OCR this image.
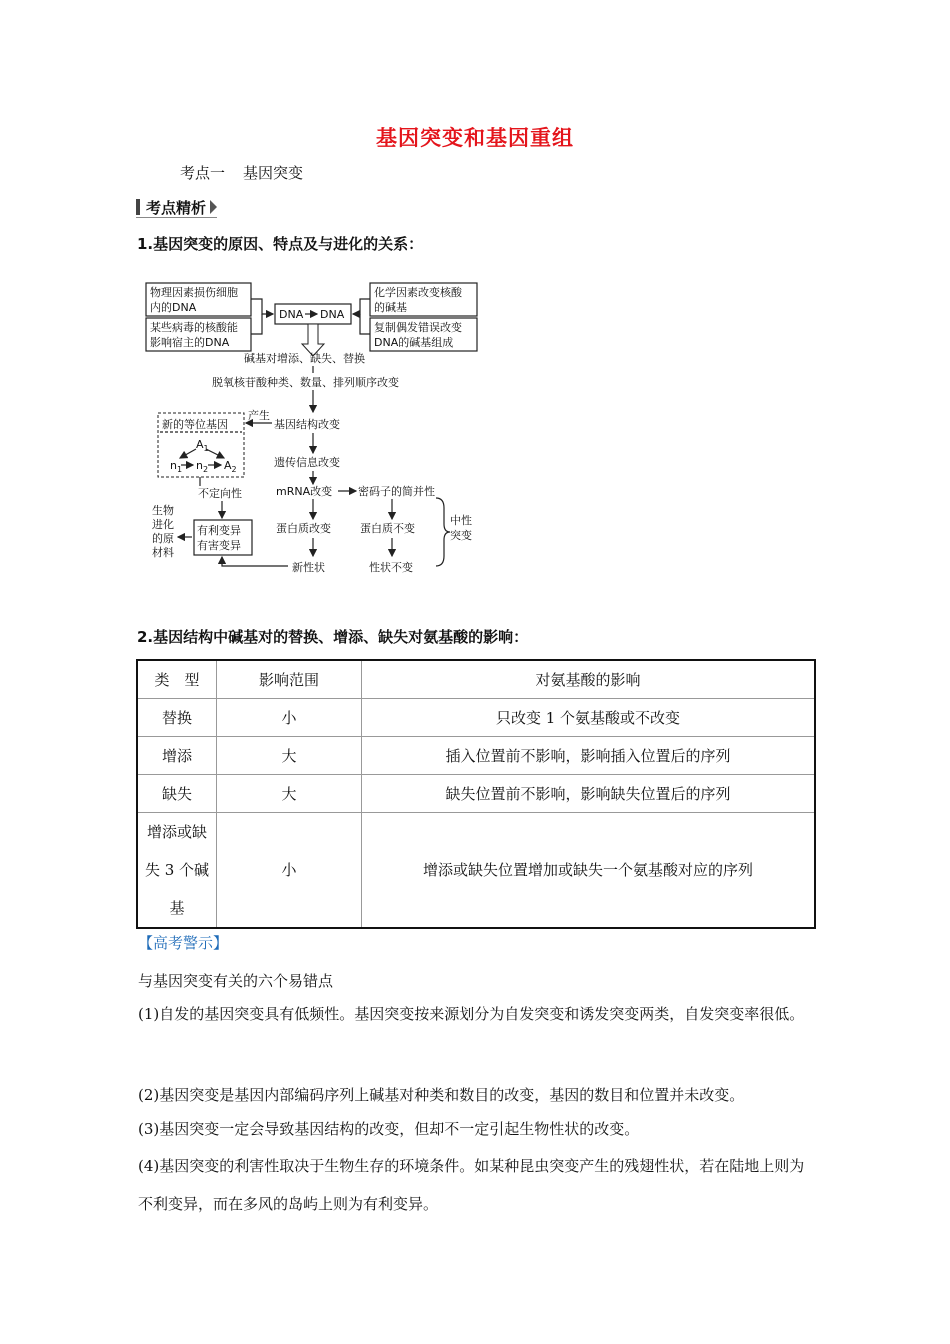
基因突变和基因重组
考点一 基因突变
考点精析
1.基因突变的原因、特点及与进化的关系：
物理因素损伤细胞
内的DNA
某些病毒的核酸能
影响宿主的DNA
DNA DNA
化学因素改变核酸
的碱基
复制偶发错误改变
DNA的碱基组成
碱基对增添、缺失、替换
脱氧核苷酸种类、数量、排列顺序改变
新的等位基因
$A_1$
$n_1$ $n_2$ $A_2$
产生
基因结构改变
遗传信息改变
不定向性	mRNA改变 密码子的简并性
生物
进化
的原
材料
有利变异
有害变异
蛋白质改变	蛋白质不变
中性
突变
新性状	性状不变
2.基因结构中碱基对的替换、增添、缺失对氨基酸的影响：
类　型	影响范围	对氨基酸的影响
替换	小	只改变 1 个氨基酸或不改变
增添	大	插入位置前不影响，影响插入位置后的序列
缺失	大	缺失位置前不影响，影响缺失位置后的序列

增添或缺
失 3 个碱
基	小	增添或缺失位置增加或缺失一个氨基酸对应的序列
【高考警示】
与基因突变有关的六个易错点
(1)自发的基因突变具有低频性。基因突变按来源划分为自发突变和诱发突变两类，自发突变率很低。
(2)基因突变是基因内部编码序列上碱基对种类和数目的改变，基因的数目和位置并未改变。
(3)基因突变一定会导致基因结构的改变，但却不一定引起生物性状的改变。
(4)基因突变的利害性取决于生物生存的环境条件。如某种昆虫突变产生的残翅性状，若在陆地上则为不利变异，而在多风的岛屿上则为有利变异。
